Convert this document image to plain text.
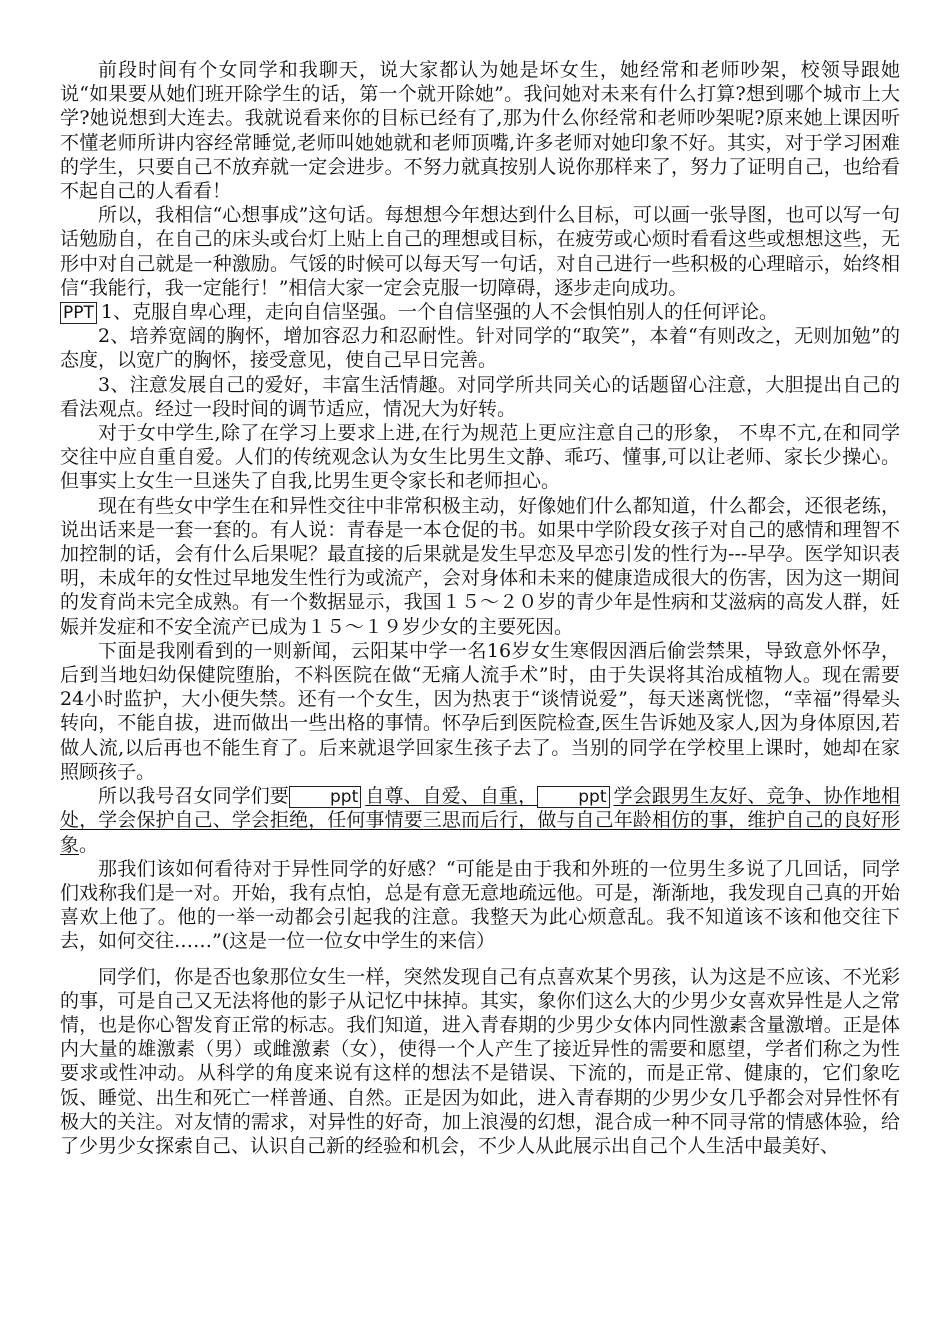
前段时间有个女同学和我聊天，说大家都认为她是坏女生，她经常和老师吵架，校领导跟她说“如果要从她们班开除学生的话，第一个就开除她”。我问她对未来有什么打算?想到哪个城市上大学?她说想到大连去。我就说看来你的目标已经有了,那为什么你经常和老师吵架呢?原来她上课因听不懂老师所讲内容经常睡觉,老师叫她她就和老师顶嘴,许多老师对她印象不好。其实，对于学习困难的学生，只要自己不放弃就一定会进步。不努力就真按别人说你那样来了，努力了证明自己，也给看不起自己的人看看！

所以，我相信“心想事成”这句话。每想想今年想达到什么目标，可以画一张导图，也可以写一句话勉励自，在自己的床头或台灯上贴上自己的理想或目标，在疲劳或心烦时看看这些或想想这些，无形中对自己就是一种激励。气馁的时候可以每天写一句话，对自己进行一些积极的心理暗示，始终相信“我能行，我一定能行！”相信大家一定会克服一切障碍，逐步走向成功。

PPT 1、克服自卑心理，走向自信坚强。一个自信坚强的人不会惧怕别人的任何评论。

2、培养宽阔的胸怀，增加容忍力和忍耐性。针对同学的“取笑”，本着“有则改之，无则加勉”的态度，以宽广的胸怀，接受意见，使自己早日完善。

3、注意发展自己的爱好，丰富生活情趣。对同学所共同关心的话题留心注意，大胆提出自己的看法观点。经过一段时间的调节适应，情况大为好转。

对于女中学生,除了在学习上要求上进,在行为规范上更应注意自己的形象， 不卑不亢,在和同学交往中应自重自爱。人们的传统观念认为女生比男生文静、乖巧、懂事,可以让老师、家长少操心。但事实上女生一旦迷失了自我,比男生更令家长和老师担心。

现在有些女中学生在和异性交往中非常积极主动，好像她们什么都知道，什么都会，还很老练，说出话来是一套一套的。有人说：青春是一本仓促的书。如果中学阶段女孩子对自己的感情和理智不加控制的话，会有什么后果呢？最直接的后果就是发生早恋及早恋引发的性行为---早孕。医学知识表明，未成年的女性过早地发生性行为或流产，会对身体和未来的健康造成很大的伤害，因为这一期间的发育尚未完全成熟。有一个数据显示，我国１５～２０岁的青少年是性病和艾滋病的高发人群，妊娠并发症和不安全流产已成为１５～１９岁少女的主要死因。

下面是我刚看到的一则新闻，云阳某中学一名16岁女生寒假因酒后偷尝禁果，导致意外怀孕，后到当地妇幼保健院堕胎，不料医院在做“无痛人流手术”时，由于失误将其治成植物人。现在需要24小时监护，大小便失禁。还有一个女生，因为热衷于“谈情说爱”，每天迷离恍惚，“幸福”得晕头转向，不能自拔，进而做出一些出格的事情。怀孕后到医院检查,医生告诉她及家人,因为身体原因,若做人流,以后再也不能生育了。后来就退学回家生孩子去了。当别的同学在学校里上课时，她却在家照顾孩子。

所以我号召女同学们要 ppt 自尊、自爱、自重， ppt 学会跟男生友好、竞争、协作地相处，学会保护自己、学会拒绝，任何事情要三思而后行，做与自己年龄相仿的事，维护自己的良好形象。

那我们该如何看待对于异性同学的好感？“可能是由于我和外班的一位男生多说了几回话，同学们戏称我们是一对。开始，我有点怕，总是有意无意地疏远他。可是，渐渐地，我发现自己真的开始喜欢上他了。他的一举一动都会引起我的注意。我整天为此心烦意乱。我不知道该不该和他交往下去，如何交往……”(这是一位一位女中学生的来信）

同学们，你是否也象那位女生一样，突然发现自己有点喜欢某个男孩，认为这是不应该、不光彩的事，可是自己又无法将他的影子从记忆中抹掉。其实，象你们这么大的少男少女喜欢异性是人之常情，也是你心智发育正常的标志。我们知道，进入青春期的少男少女体内同性激素含量激增。正是体内大量的雄激素（男）或雌激素（女），使得一个人产生了接近异性的需要和愿望，学者们称之为性要求或性冲动。从科学的角度来说有这样的想法不是错误、下流的，而是正常、健康的，它们象吃饭、睡觉、出生和死亡一样普通、自然。正是因为如此，进入青春期的少男少女几乎都会对异性怀有极大的关注。对友情的需求，对异性的好奇，加上浪漫的幻想，混合成一种不同寻常的情感体验，给了少男少女探索自己、认识自己新的经验和机会，不少人从此展示出自己个人生活中最美好、
